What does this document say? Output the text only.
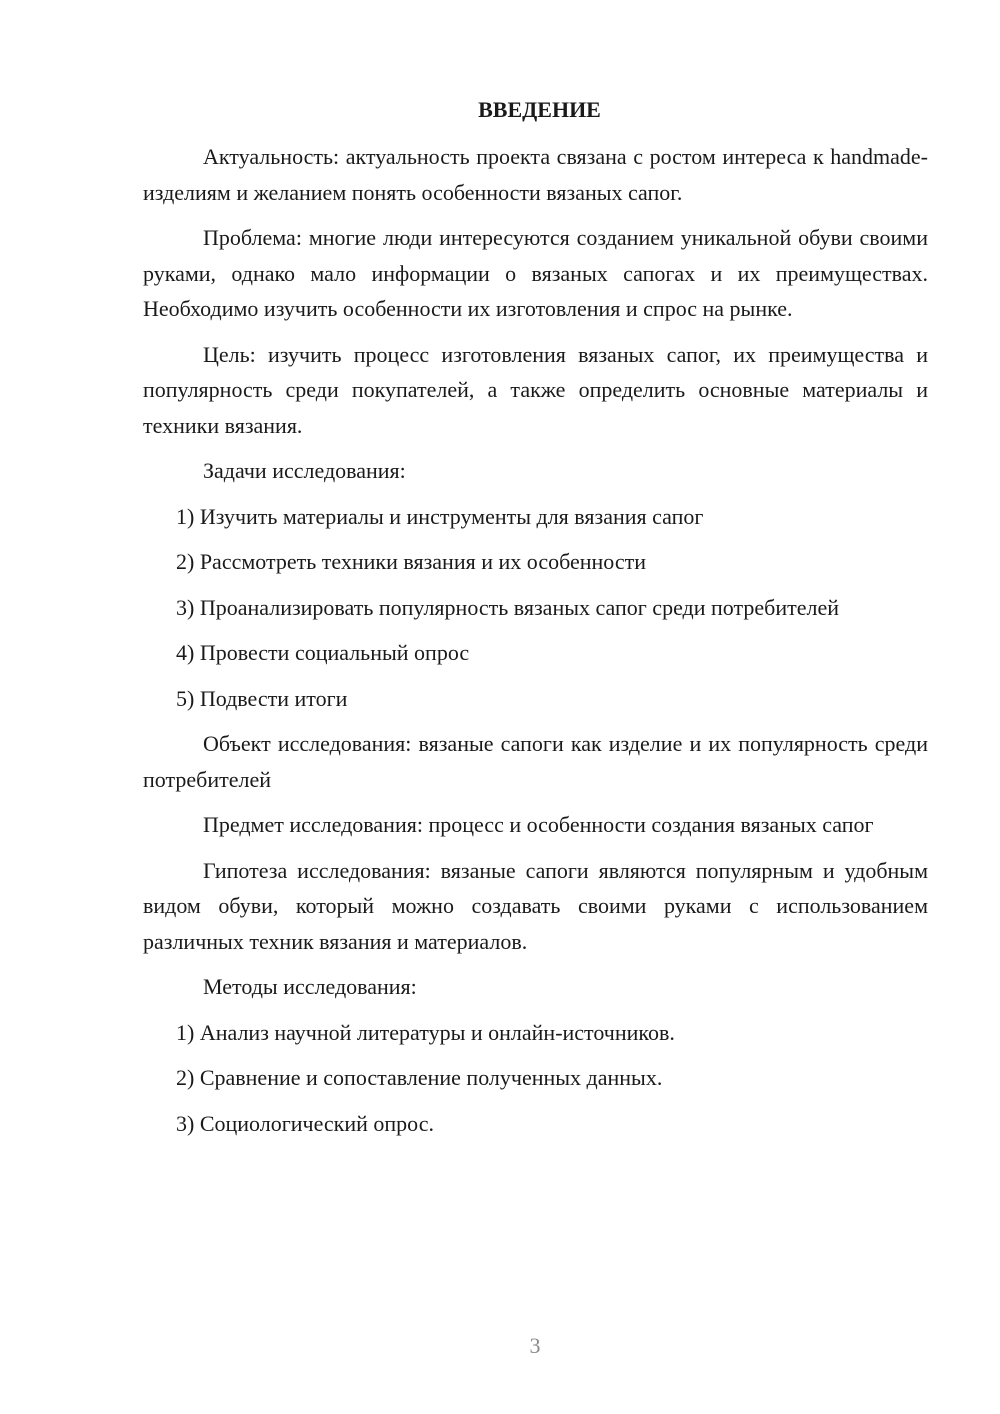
ВВЕДЕНИЕ

Актуальность: актуальность проекта связана с ростом интереса к handmade-изделиям и желанием понять особенности вязаных сапог.

Проблема: многие люди интересуются созданием уникальной обуви своими руками, однако мало информации о вязаных сапогах и их преимуществах. Необходимо изучить особенности их изготовления и спрос на рынке.

Цель: изучить процесс изготовления вязаных сапог, их преимущества и популярность среди покупателей, а также определить основные материалы и техники вязания.

Задачи исследования:

1) Изучить материалы и инструменты для вязания сапог
2) Рассмотреть техники вязания и их особенности
3) Проанализировать популярность вязаных сапог среди потребителей
4) Провести социальный опрос
5) Подвести итоги

Объект исследования: вязаные сапоги как изделие и их популярность среди потребителей

Предмет исследования: процесс и особенности создания вязаных сапог

Гипотеза исследования: вязаные сапоги являются популярным и удобным видом обуви, который можно создавать своими руками с использованием различных техник вязания и материалов.

Методы исследования:

1) Анализ научной литературы и онлайн-источников.
2) Сравнение и сопоставление полученных данных.
3) Социологический опрос.
3
